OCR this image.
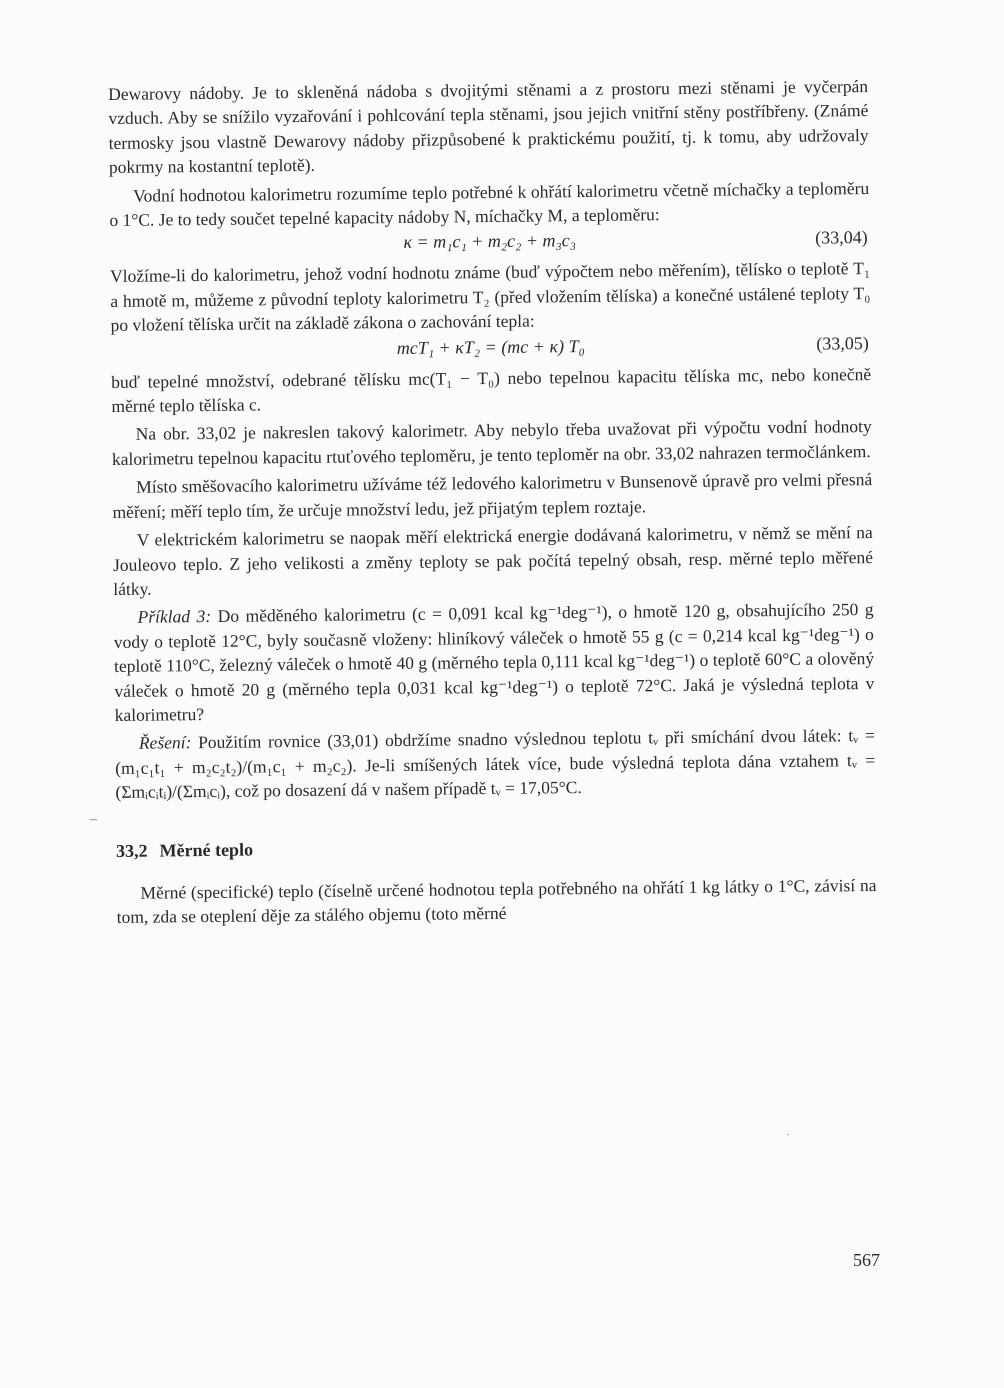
Dewarovy nádoby. Je to skleněná nádoba s dvojitými stěnami a z prostoru mezi stěnami je vyčerpán vzduch. Aby se snížilo vyzařování i pohlcování tepla stěnami, jsou jejich vnitřní stěny postříbřeny. (Známé termosky jsou vlastně Dewarovy nádoby přizpůsobené k praktickému použití, tj. k tomu, aby udržovaly pokrmy na kostantní teplotě).

Vodní hodnotou kalorimetru rozumíme teplo potřebné k ohřátí kalorimetru včetně míchačky a teploměru o 1°C. Je to tedy součet tepelné kapacity nádoby N, míchačky M, a teploměru:

κ = m₁c₁ + m₂c₂ + m₃c₃	(33,04)

Vložíme-li do kalorimetru, jehož vodní hodnotu známe (buď výpočtem nebo měřením), tělísko o teplotě T₁ a hmotě m, můžeme z původní teploty kalorimetru T₂ (před vložením tělíska) a konečné ustálené teploty T₀ po vložení tělíska určit na základě zákona o zachování tepla:

mcT₁ + κT₂ = (mc + κ) T₀	(33,05)

buď tepelné množství, odebrané tělísku mc(T₁ − T₀) nebo tepelnou kapacitu tělíska mc, nebo konečně měrné teplo tělíska c.

Na obr. 33,02 je nakreslen takový kalorimetr. Aby nebylo třeba uvažovat při výpočtu vodní hodnoty kalorimetru tepelnou kapacitu rtuťového teploměru, je tento teploměr na obr. 33,02 nahrazen termočlánkem.

Místo směšovacího kalorimetru užíváme též ledového kalorimetru v Bunsenově úpravě pro velmi přesná měření; měří teplo tím, že určuje množství ledu, jež přijatým teplem roztaje.

V elektrickém kalorimetru se naopak měří elektrická energie dodávaná kalorimetru, v němž se mění na Jouleovo teplo. Z jeho velikosti a změny teploty se pak počítá tepelný obsah, resp. měrné teplo měřené látky.

Příklad 3: Do měděného kalorimetru (c = 0,091 kcal kg⁻¹deg⁻¹), o hmotě 120 g, obsahujícího 250 g vody o teplotě 12°C, byly současně vloženy: hliníkový váleček o hmotě 55 g (c = 0,214 kcal kg⁻¹deg⁻¹) o teplotě 110°C, železný váleček o hmotě 40 g (měrného tepla 0,111 kcal kg⁻¹deg⁻¹) o teplotě 60°C a olověný váleček o hmotě 20 g (měrného tepla 0,031 kcal kg⁻¹deg⁻¹) o teplotě 72°C. Jaká je výsledná teplota v kalorimetru?

Řešení: Použitím rovnice (33,01) obdržíme snadno výslednou teplotu tᵥ při smíchání dvou látek: tᵥ = (m₁c₁t₁ + m₂c₂t₂)/(m₁c₁ + m₂c₂). Je-li smíšených látek více, bude výsledná teplota dána vztahem tᵥ = (Σmᵢcᵢtᵢ)/(Σmᵢcᵢ), což po dosazení dá v našem případě tᵥ = 17,05°C.

33,2 Měrné teplo

Měrné (specifické) teplo (číselně určené hodnotou tepla potřebného na ohřátí 1 kg látky o 1°C, závisí na tom, zda se oteplení děje za stálého objemu (toto měrné

–
·
567
